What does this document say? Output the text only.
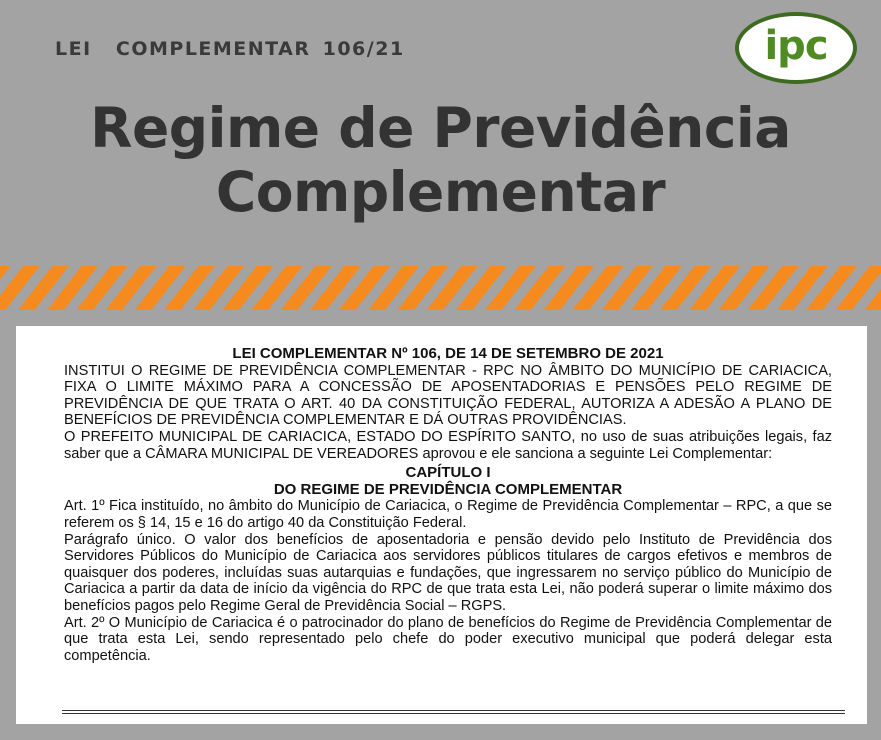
LEI  COMPLEMENTAR 106/21	ipc
Regime de Previdência
Complementar

LEI COMPLEMENTAR Nº 106, DE 14 DE SETEMBRO DE 2021

INSTITUI O REGIME DE PREVIDÊNCIA COMPLEMENTAR - RPC NO ÂMBITO DO MUNICÍPIO DE CARIACICA, FIXA O LIMITE MÁXIMO PARA A CONCESSÃO DE APOSENTADORIAS E PENSÕES PELO REGIME DE PREVIDÊNCIA DE QUE TRATA O ART. 40 DA CONSTITUIÇÃO FEDERAL, AUTORIZA A ADESÃO A PLANO DE BENEFÍCIOS DE PREVIDÊNCIA COMPLEMENTAR E DÁ OUTRAS PROVIDÊNCIAS.

O PREFEITO MUNICIPAL DE CARIACICA, ESTADO DO ESPÍRITO SANTO, no uso de suas atribuições legais, faz saber que a CÂMARA MUNICIPAL DE VEREADORES aprovou e ele sanciona a seguinte Lei Complementar:

CAPÍTULO I

DO REGIME DE PREVIDÊNCIA COMPLEMENTAR

Art. 1º Fica instituído, no âmbito do Município de Cariacica, o Regime de Previdência Complementar – RPC, a que se referem os § 14, 15 e 16 do artigo 40 da Constituição Federal.

Parágrafo único. O valor dos benefícios de aposentadoria e pensão devido pelo Instituto de Previdência dos Servidores Públicos do Município de Cariacica aos servidores públicos titulares de cargos efetivos e membros de quaisquer dos poderes, incluídas suas autarquias e fundações, que ingressarem no serviço público do Município de Cariacica a partir da data de início da vigência do RPC de que trata esta Lei, não poderá superar o limite máximo dos benefícios pagos pelo Regime Geral de Previdência Social – RGPS.

Art. 2º O Município de Cariacica é o patrocinador do plano de benefícios do Regime de Previdência Complementar de que trata esta Lei, sendo representado pelo chefe do poder executivo municipal que poderá delegar esta competência.
